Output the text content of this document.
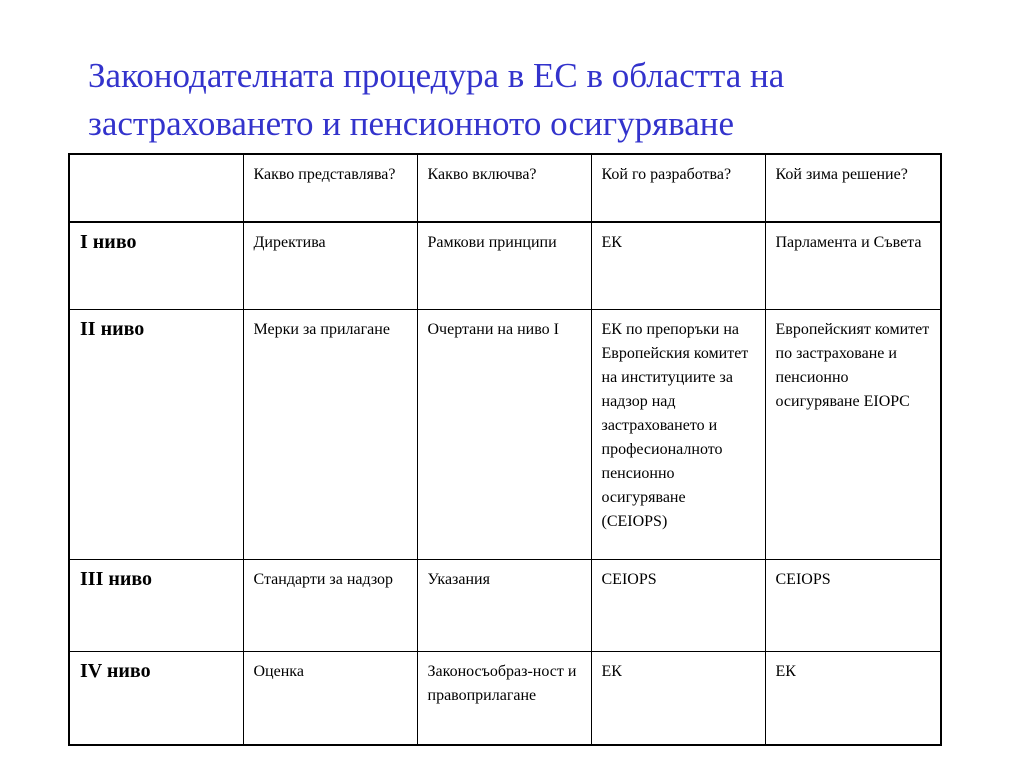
Законодателната процедура в ЕС в областта на
застраховането и пенсионното осигуряване
	Какво представлява?	Какво включва?	Кой го разработва?	Кой зима решение?
I ниво	Директива	Рамкови принципи	ЕК	Парламента и Съвета
II ниво	Мерки за прилагане	Очертани на ниво I	ЕК по препоръки на Европейския комитет на институциите за надзор над застраховането и професионалното пенсионно осигуряване (CEIOPS)	Европейският комитет по застраховане и пенсионно осигуряване EIOPC
III ниво	Стандарти за надзор	Указания	CEIOPS	CEIOPS
IV ниво	Оценка	Законосъобраз-ност и правоприлагане	ЕК	ЕК
